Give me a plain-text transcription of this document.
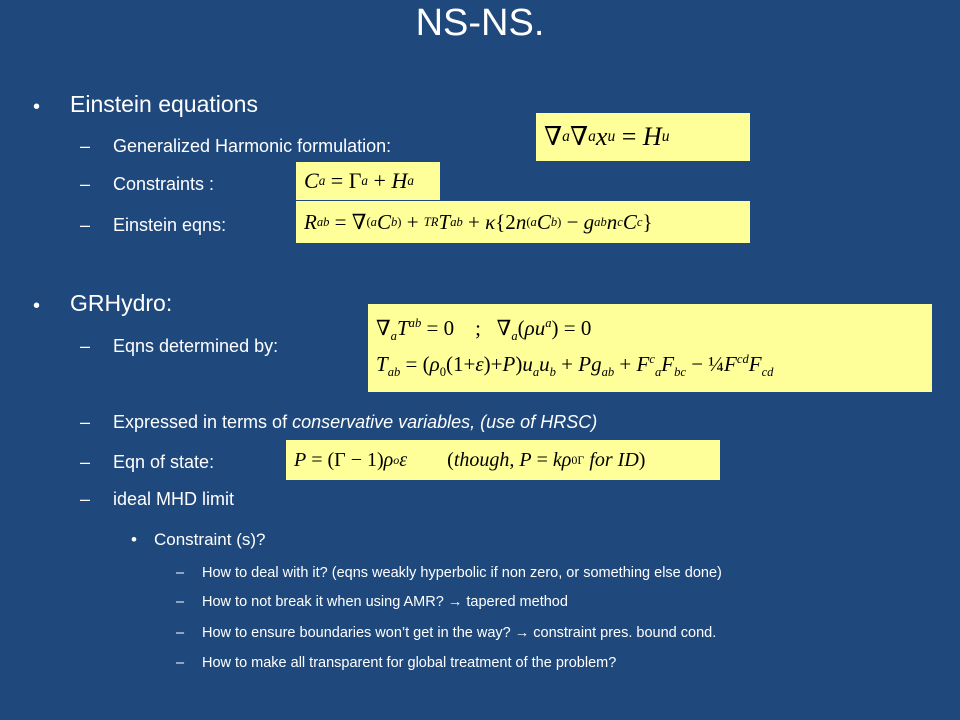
NS-NS.
• Einstein equations
– Generalized Harmonic formulation:
– Constraints :
– Einstein eqns:
∇ a ∇ a x u = H u
C a = Γ a + H a
R ab = ∇ (a C b) + TR T ab + κ {2 n (a C b) − g ab n c C c }
• GRHydro:
– Eqns determined by:
$\nabla_aT^{ab} = 0$    ;   $\nabla_a(\rho u^a) = 0$
$T_{ab} = (\rho_0(1+\varepsilon)+P)u_au_b + Pg_{ab} + F^c_aF_{bc}$ − $\frac{1}{4}F^{cd}F_{cd}$
– Expressed in terms of conservative variables, (use of HRSC)
– Eqn of state:	P = (Γ − 1) ρ o ε ( though, P = kρ 0 Γ
for ID )
– ideal MHD limit
• Constraint (s)?
– How to deal with it? (eqns weakly hyperbolic if non zero, or something else done)
– How to not break it when using AMR? → tapered method
– How to ensure boundaries won’t get in the way? → constraint pres. bound cond.
– How to make all transparent for global treatment of the problem?
